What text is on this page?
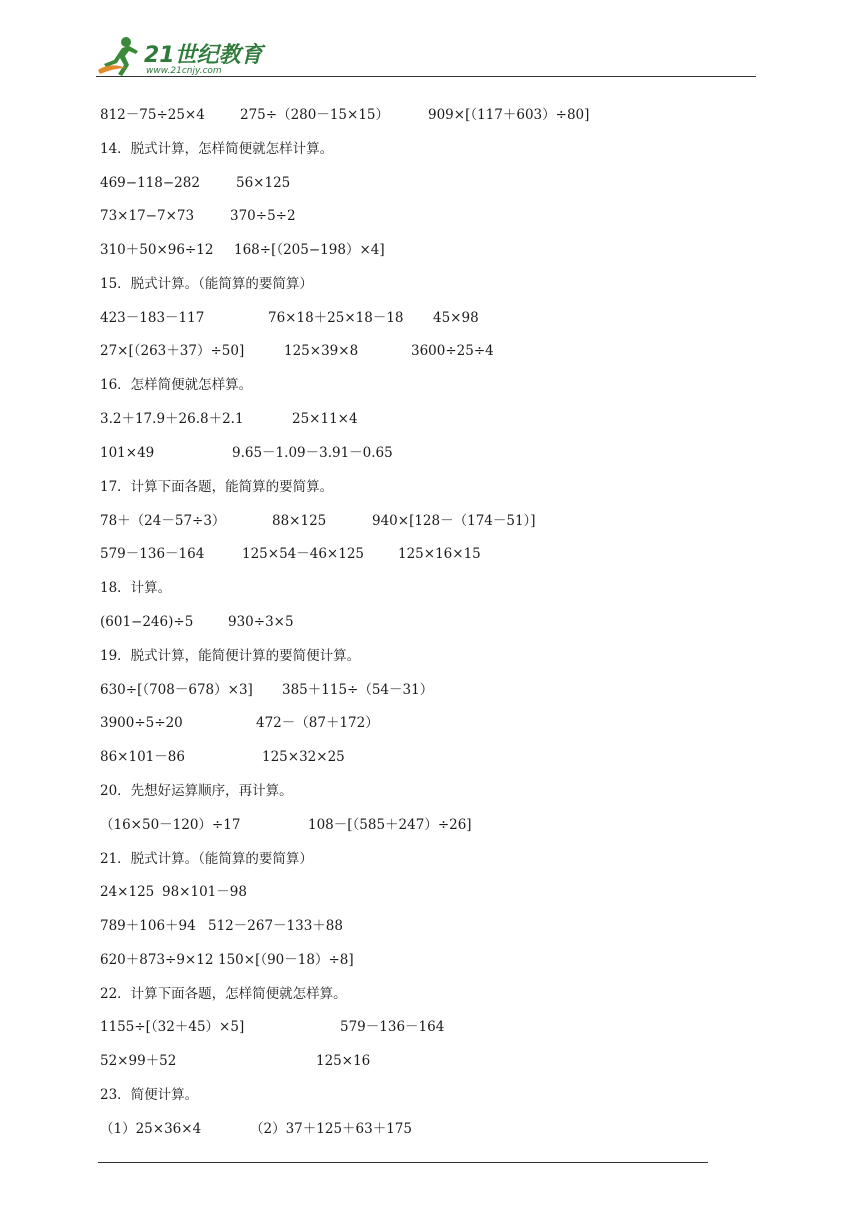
21世纪教育
www.21cnjy.com
812－75÷25×4	275÷（280－15×15）	909×[（117＋603）÷80]
14．脱式计算，怎样简便就怎样计算。
469−118−282	56×125
73×17−7×73	370÷5÷2
310＋50×96÷12 168÷[（205−198）×4]
15．脱式计算。（能简算的要简算）
423－183－117	76×18＋25×18－18 45×98
27×[（263＋37）÷50]	125×39×8	3600÷25÷4
16．怎样简便就怎样算。
3.2＋17.9＋26.8＋2.1	25×11×4
101×49	9.65－1.09－3.91－0.65
17．计算下面各题，能简算的要简算。
78＋（24－57÷3）	88×125	940×[128－（174－51）]
579－136－164	125×54－46×125	125×16×15
18．计算。
(601−246)÷5	930÷3×5
19．脱式计算，能简便计算的要简便计算。
630÷[（708－678）×3] 385＋115÷（54－31）
3900÷5÷20	472－（87＋172）
86×101－86	125×32×25
20．先想好运算顺序，再计算。
（16×50－120）÷17	108－[（585＋247）÷26]
21．脱式计算。（能简算的要简算）
24×125 98×101－98
789＋106＋94 512－267－133＋88
620＋873÷9×12 150×[（90－18）÷8]
22．计算下面各题，怎样简便就怎样算。
1155÷[（32＋45）×5]	579－136－164
52×99＋52	125×16
23．简便计算。
（1）25×36×4	（2）37＋125＋63＋175
